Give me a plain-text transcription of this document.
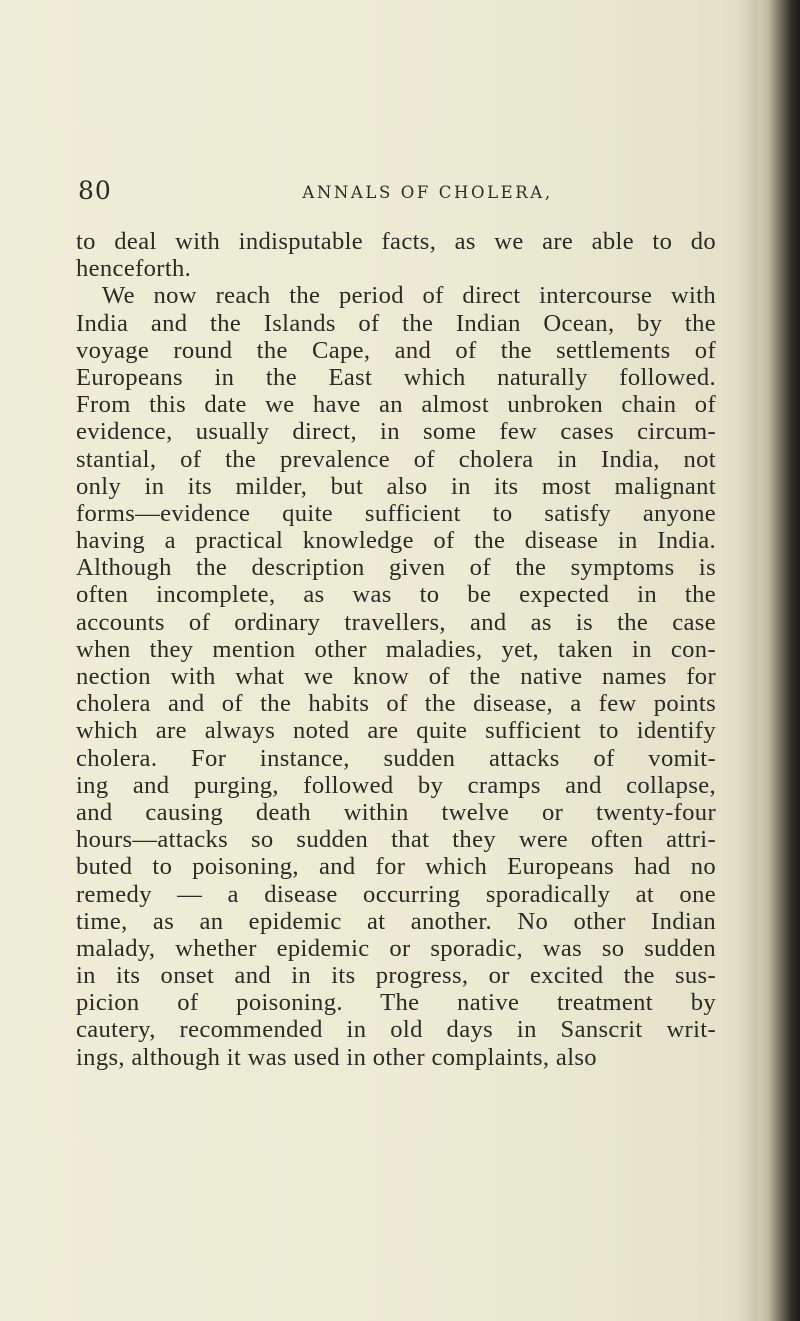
80	ANNALS OF CHOLERA,
to deal with indisputable facts, as we are able to do
henceforth.
We now reach the period of direct intercourse with
India and the Islands of the Indian Ocean, by the
voyage round the Cape, and of the settlements of
Europeans in the East which naturally followed.
From this date we have an almost unbroken chain of
evidence, usually direct, in some few cases circum-
stantial, of the prevalence of cholera in India, not
only in its milder, but also in its most malignant
forms—evidence quite sufficient to satisfy anyone
having a practical knowledge of the disease in India.
Although the description given of the symptoms is
often incomplete, as was to be expected in the
accounts of ordinary travellers, and as is the case
when they mention other maladies, yet, taken in con-
nection with what we know of the native names for
cholera and of the habits of the disease, a few points
which are always noted are quite sufficient to identify
cholera. For instance, sudden attacks of vomit-
ing and purging, followed by cramps and collapse,
and causing death within twelve or twenty-four
hours—attacks so sudden that they were often attri-
buted to poisoning, and for which Europeans had no
remedy — a disease occurring sporadically at one
time, as an epidemic at another. No other Indian
malady, whether epidemic or sporadic, was so sudden
in its onset and in its progress, or excited the sus-
picion of poisoning. The native treatment by
cautery, recommended in old days in Sanscrit writ-
ings, although it was used in other complaints, also
